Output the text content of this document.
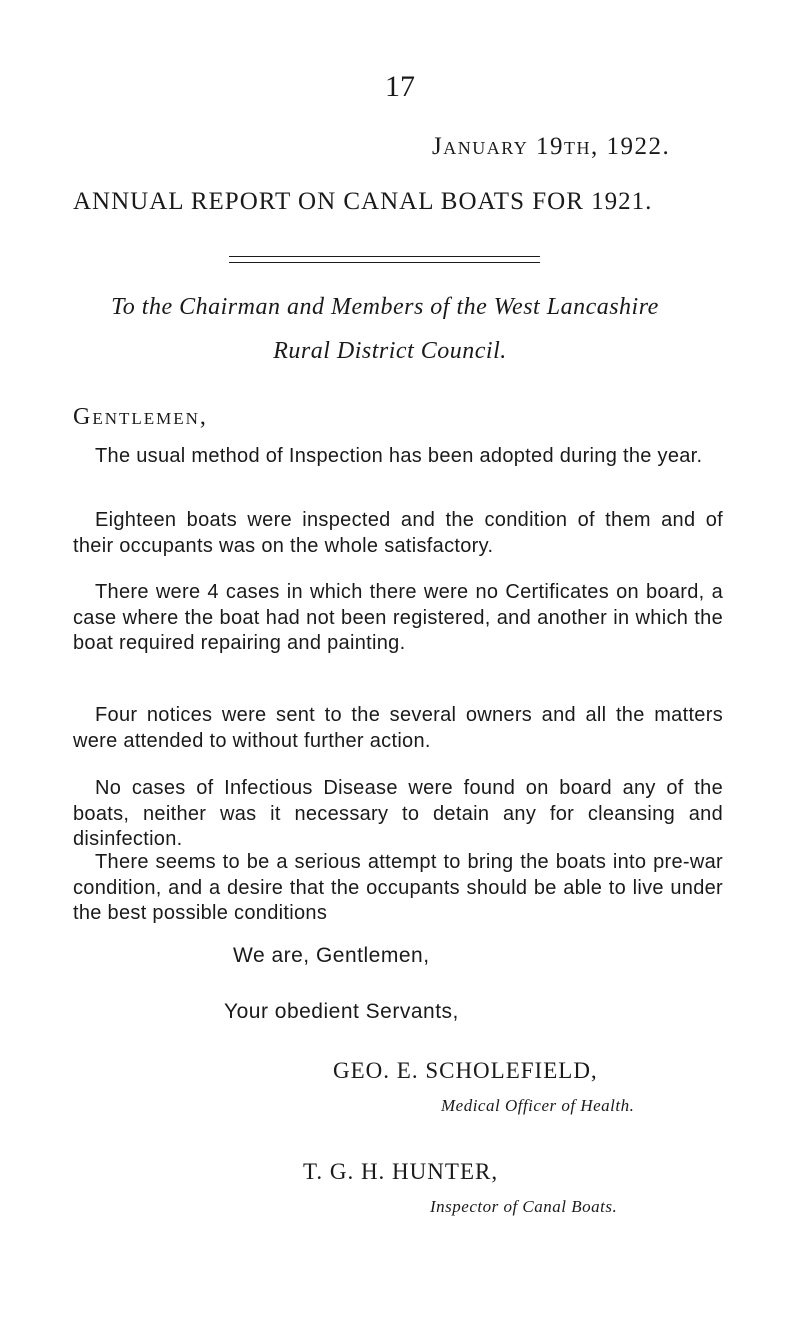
17
January 19th, 1922.
ANNUAL REPORT ON CANAL BOATS FOR 1921.
To the Chairman and Members of the West Lancashire
Rural District Council.
Gentlemen,
The usual method of Inspection has been adopted during the year.
Eighteen boats were inspected and the condition of them and of their occupants was on the whole satisfactory.
There were 4 cases in which there were no Certificates on board, a case where the boat had not been registered, and another in which the boat required repairing and painting.
Four notices were sent to the several owners and all the matters were attended to without further action.
No cases of Infectious Disease were found on board any of the boats, neither was it necessary to detain any for cleansing and disinfection.
There seems to be a serious attempt to bring the boats into pre-war condition, and a desire that the occupants should be able to live under the best possible conditions
We are, Gentlemen,
Your obedient Servants,
GEO. E. SCHOLEFIELD,
Medical Officer of Health.
T. G. H. HUNTER,
Inspector of Canal Boats.
